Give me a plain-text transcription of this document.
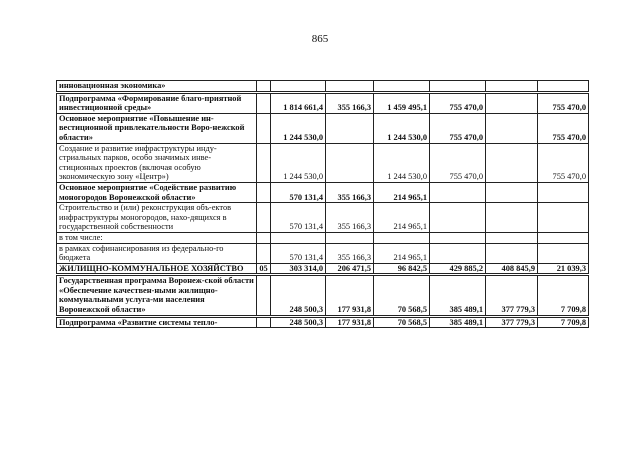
865
инновационная экономика»							
Подпрограмма «Формирование благо-приятной инвестиционной среды»		1 814 661,4	355 166,3	1 459 495,1	755 470,0		755 470,0
Основное мероприятие «Повышение ин-вестиционной привлекательности Воро-нежской области»		1 244 530,0		1 244 530,0	755 470,0		755 470,0
Создание и развитие инфраструктуры инду-стриальных парков, особо значимых инве-стиционных проектов (включая особую экономическую зону «Центр»)		1 244 530,0		1 244 530,0	755 470,0		755 470,0
Основное мероприятие «Содействие развитию моногородов Воронежской области»		570 131,4	355 166,3	214 965,1			
Строительство и (или) реконструкция объ-ектов инфраструктуры моногородов, нахо-дящихся в государственной собственности		570 131,4	355 166,3	214 965,1			
в том числе:							
в рамках софинансирования из федерально-го бюджета		570 131,4	355 166,3	214 965,1			
ЖИЛИЩНО-КОММУНАЛЬНОЕ ХОЗЯЙСТВО	05	303 314,0	206 471,5	96 842,5	429 885,2	408 845,9	21 039,3
Государственная программа Воронеж-ской области «Обеспечение качествен-ными жилищно-коммунальными услуга-ми населения Воронежской области»		248 500,3	177 931,8	70 568,5	385 489,1	377 779,3	7 709,8
Подпрограмма «Развитие системы тепло-		248 500,3	177 931,8	70 568,5	385 489,1	377 779,3	7 709,8
